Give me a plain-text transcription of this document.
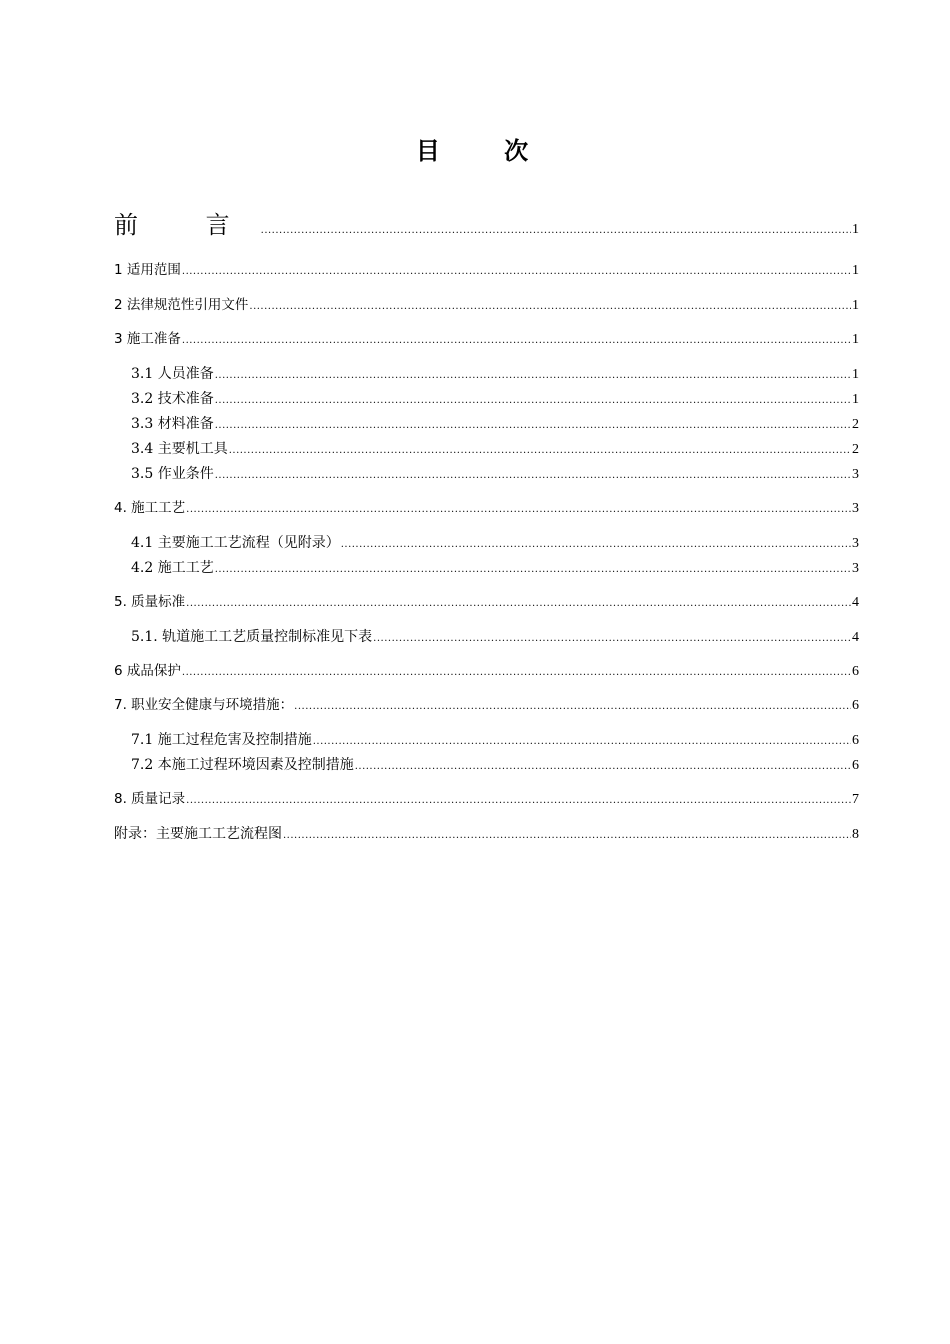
目 次
前 言 .....	1
1 适用范围 .....	1
2 法律规范性引用文件 .....	1
3 施工准备 .....	1
3.1 人员准备 .....	1
3.2 技术准备 .....	1
3.3 材料准备 .....	2
3.4 主要机工具 .....	2
3.5 作业条件 .....	3
4. 施工工艺 .....	3
4.1 主要施工工艺流程（见附录） .....	3
4.2 施工工艺 .....	3
5. 质量标准 .....	4
5.1. 轨道施工工艺质量控制标准见下表 .....	4
6 成品保护 .....	6
7. 职业安全健康与环境措施： .....	6
7.1 施工过程危害及控制措施 .....	6
7.2 本施工过程环境因素及控制措施 .....	6
8. 质量记录 .....	7
附录：主要施工工艺流程图 .....	8
